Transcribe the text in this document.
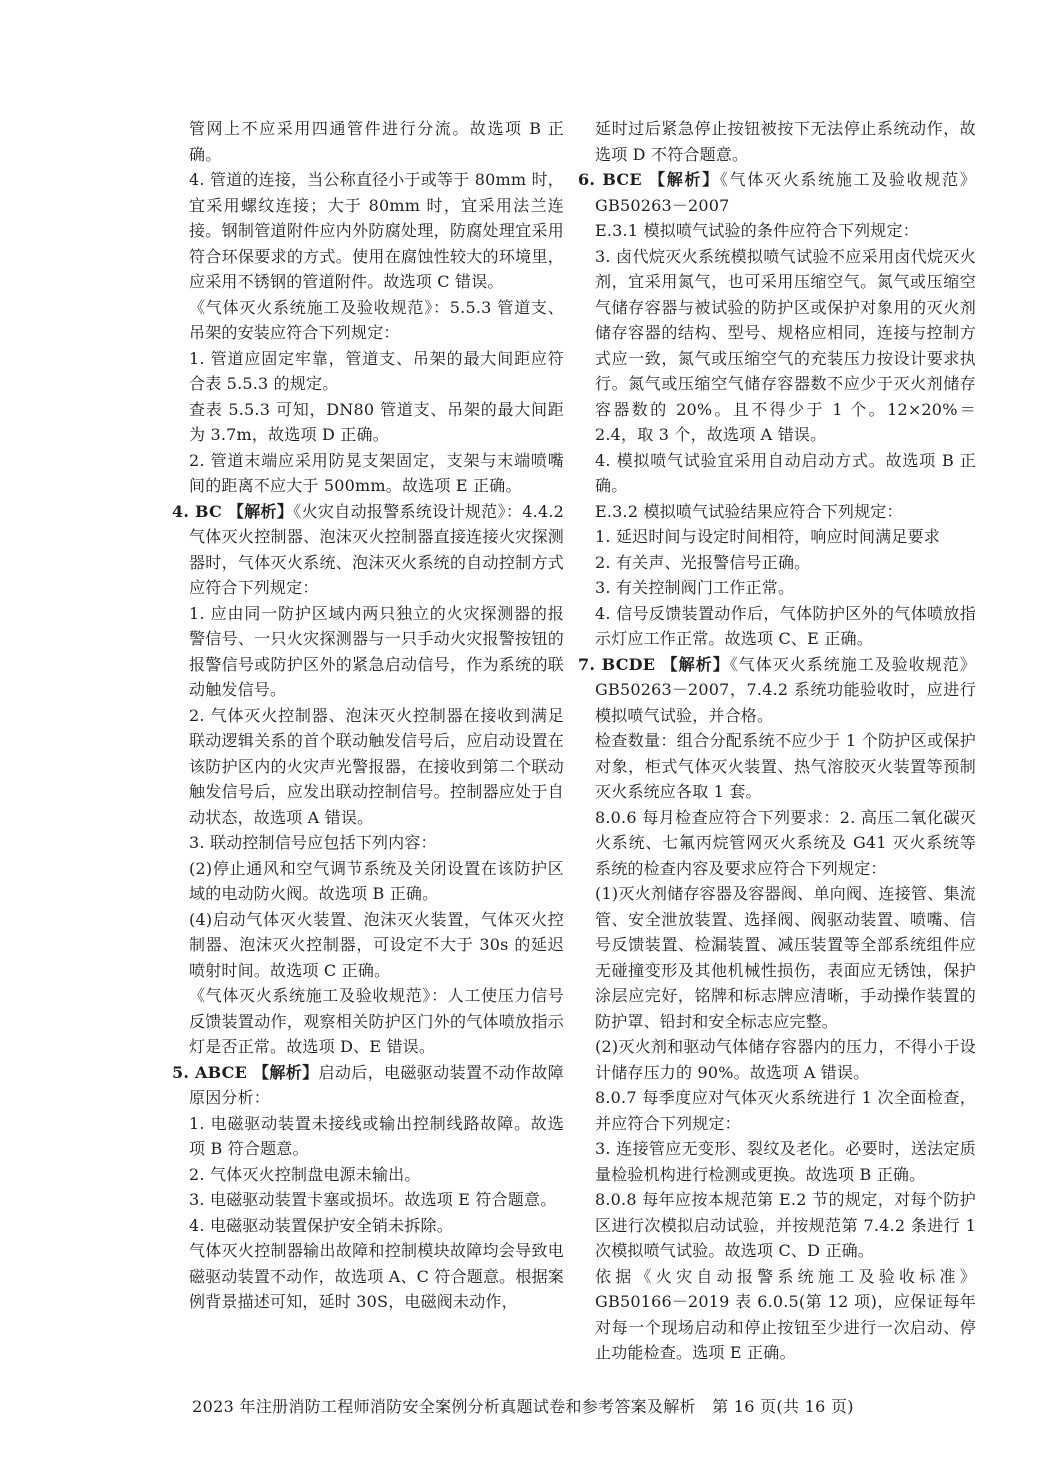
管网上不应采用四通管件进行分流。故选项 B 正确。

4. 管道的连接，当公称直径小于或等于 80mm 时，宜采用螺纹连接；大于 80mm 时，宜采用法兰连接。钢制管道附件应内外防腐处理，防腐处理宜采用符合环保要求的方式。使用在腐蚀性较大的环境里，应采用不锈钢的管道附件。故选项 C 错误。

《气体灭火系统施工及验收规范》：5.5.3 管道支、吊架的安装应符合下列规定：

1. 管道应固定牢靠，管道支、吊架的最大间距应符合表 5.5.3 的规定。

查表 5.5.3 可知，DN80 管道支、吊架的最大间距为 3.7m，故选项 D 正确。

2. 管道末端应采用防晃支架固定，支架与末端喷嘴间的距离不应大于 500mm。故选项 E 正确。

4. BC 【解析】《火灾自动报警系统设计规范》：4.4.2 气体灭火控制器、泡沫灭火控制器直接连接火灾探测器时，气体灭火系统、泡沫灭火系统的自动控制方式应符合下列规定：

1. 应由同一防护区域内两只独立的火灾探测器的报警信号、一只火灾探测器与一只手动火灾报警按钮的报警信号或防护区外的紧急启动信号，作为系统的联动触发信号。

2. 气体灭火控制器、泡沫灭火控制器在接收到满足联动逻辑关系的首个联动触发信号后，应启动设置在该防护区内的火灾声光警报器，在接收到第二个联动触发信号后，应发出联动控制信号。控制器应处于自动状态，故选项 A 错误。

3. 联动控制信号应包括下列内容：

(2)停止通风和空气调节系统及关闭设置在该防护区域的电动防火阀。故选项 B 正确。

(4)启动气体灭火装置、泡沫灭火装置，气体灭火控制器、泡沫灭火控制器，可设定不大于 30s 的延迟喷射时间。故选项 C 正确。

《气体灭火系统施工及验收规范》：人工使压力信号反馈装置动作，观察相关防护区门外的气体喷放指示灯是否正常。故选项 D、E 错误。

5. ABCE 【解析】启动后，电磁驱动装置不动作故障原因分析：

1. 电磁驱动装置未接线或输出控制线路故障。故选项 B 符合题意。

2. 气体灭火控制盘电源未输出。

3. 电磁驱动装置卡塞或损坏。故选项 E 符合题意。

4. 电磁驱动装置保护安全销未拆除。

气体灭火控制器输出故障和控制模块故障均会导致电磁驱动装置不动作，故选项 A、C 符合题意。根据案例背景描述可知，延时 30S，电磁阀未动作，

延时过后紧急停止按钮被按下无法停止系统动作，故选项 D 不符合题意。

6. BCE 【解析】《气体灭火系统施工及验收规范》GB50263－2007

E.3.1 模拟喷气试验的条件应符合下列规定：

3. 卤代烷灭火系统模拟喷气试验不应采用卤代烷灭火剂，宜采用氮气，也可采用压缩空气。氮气或压缩空气储存容器与被试验的防护区或保护对象用的灭火剂储存容器的结构、型号、规格应相同，连接与控制方式应一致，氮气或压缩空气的充装压力按设计要求执行。氮气或压缩空气储存容器数不应少于灭火剂储存容器数的 20%。且不得少于 1 个。12×20%＝2.4，取 3 个，故选项 A 错误。

4. 模拟喷气试验宜采用自动启动方式。故选项 B 正确。

E.3.2 模拟喷气试验结果应符合下列规定：

1. 延迟时间与设定时间相符，响应时间满足要求

2. 有关声、光报警信号正确。

3. 有关控制阀门工作正常。

4. 信号反馈装置动作后，气体防护区外的气体喷放指示灯应工作正常。故选项 C、E 正确。

7. BCDE 【解析】《气体灭火系统施工及验收规范》GB50263－2007，7.4.2 系统功能验收时，应进行模拟喷气试验，并合格。

检查数量：组合分配系统不应少于 1 个防护区或保护对象，柜式气体灭火装置、热气溶胶灭火装置等预制灭火系统应各取 1 套。

8.0.6 每月检查应符合下列要求：2. 高压二氧化碳灭火系统、七氟丙烷管网灭火系统及 G41 灭火系统等系统的检查内容及要求应符合下列规定：

(1)灭火剂储存容器及容器阀、单向阀、连接管、集流管、安全泄放装置、选择阀、阀驱动装置、喷嘴、信号反馈装置、检漏装置、减压装置等全部系统组件应无碰撞变形及其他机械性损伤，表面应无锈蚀，保护涂层应完好，铭牌和标志牌应清晰，手动操作装置的防护罩、铅封和安全标志应完整。

(2)灭火剂和驱动气体储存容器内的压力，不得小于设计储存压力的 90%。故选项 A 错误。

8.0.7 每季度应对气体灭火系统进行 1 次全面检查，并应符合下列规定：

3. 连接管应无变形、裂纹及老化。必要时，送法定质量检验机构进行检测或更换。故选项 B 正确。

8.0.8 每年应按本规范第 E.2 节的规定，对每个防护区进行次模拟启动试验，并按规范第 7.4.2 条进行 1 次模拟喷气试验。故选项 C、D 正确。

依据《火灾自动报警系统施工及验收标准》GB50166－2019 表 6.0.5(第 12 项)，应保证每年对每一个现场启动和停止按钮至少进行一次启动、停止功能检查。选项 E 正确。

2023 年注册消防工程师消防安全案例分析真题试卷和参考答案及解析 第 16 页(共 16 页)
